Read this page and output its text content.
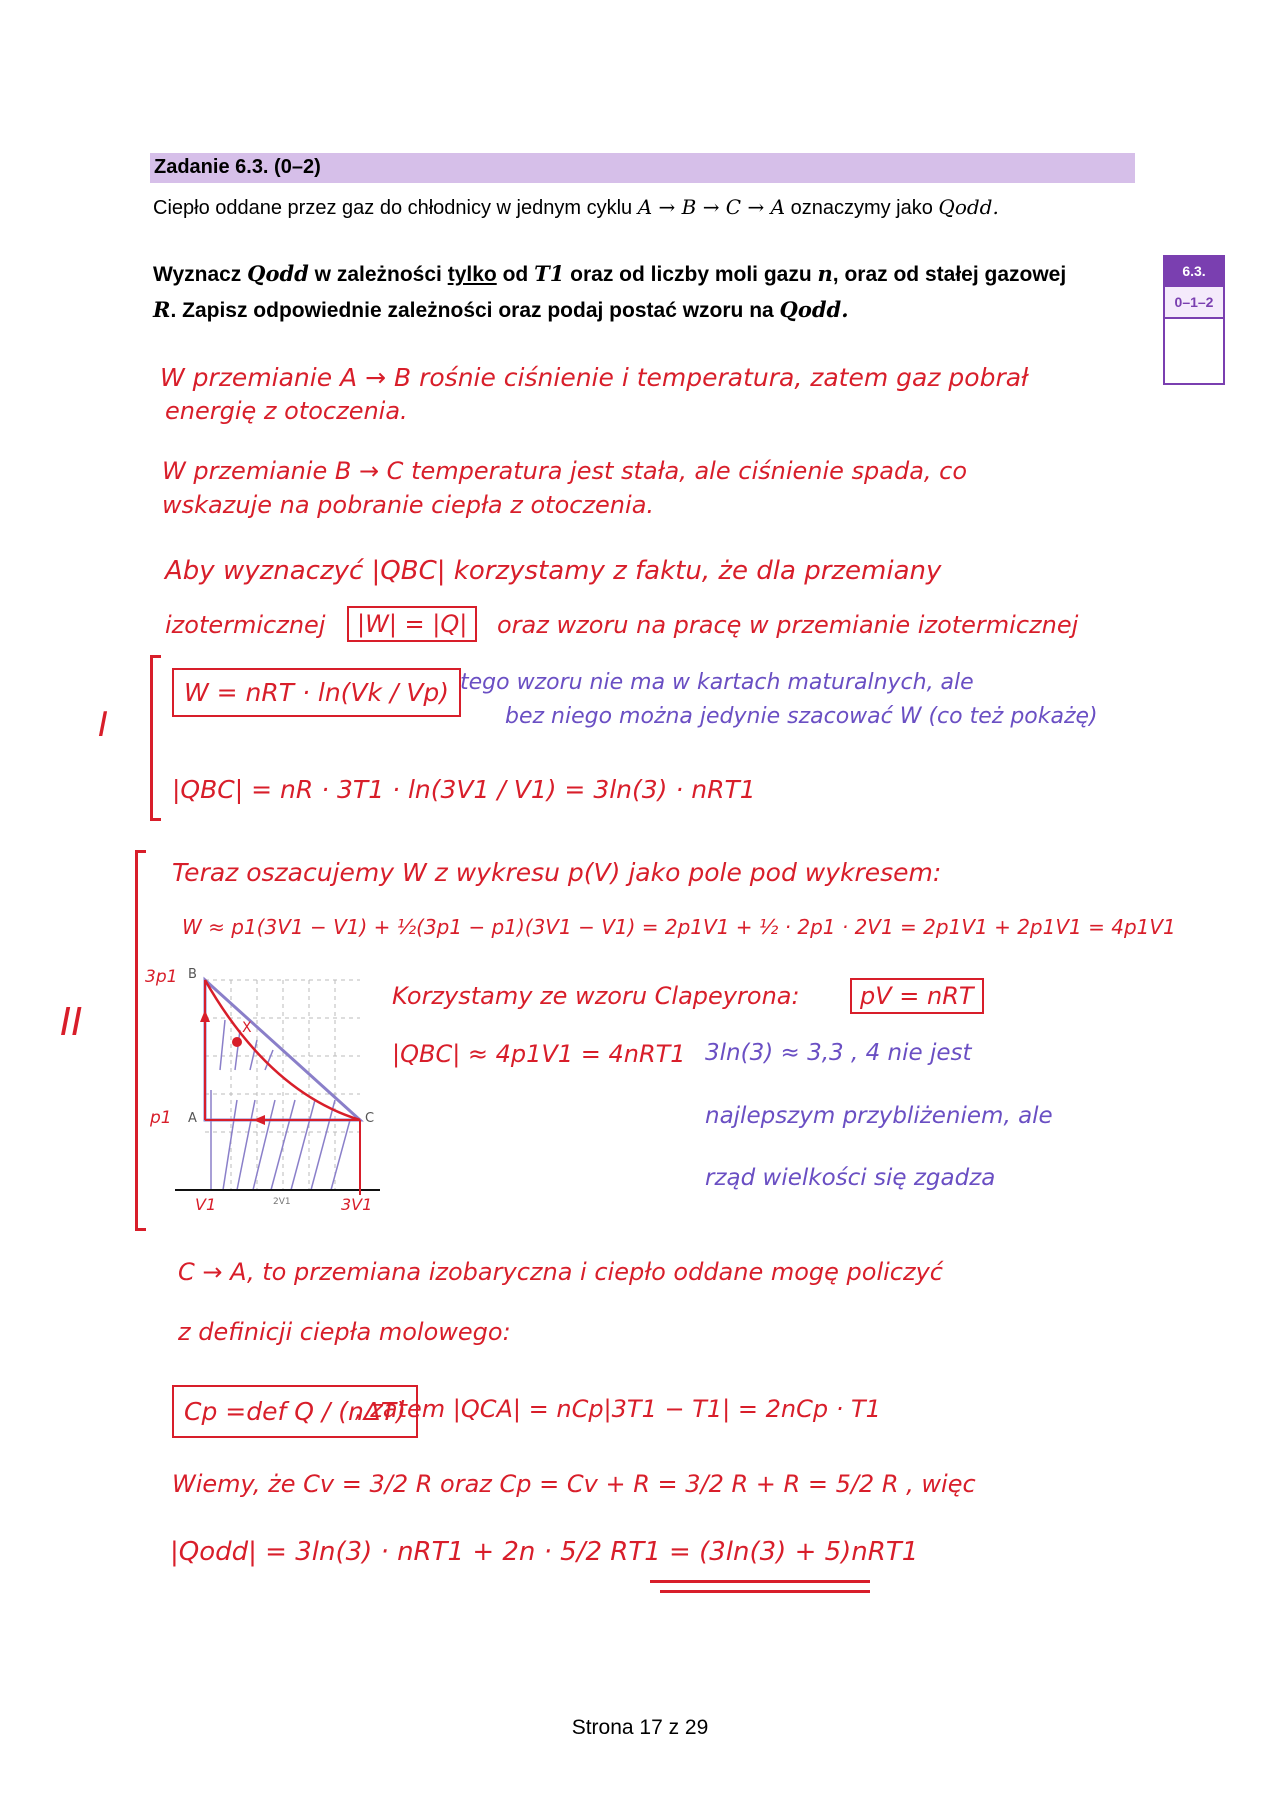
Zadanie 6.3. (0–2)
Ciepło oddane przez gaz do chłodnicy w jednym cyklu A → B → C → A oznaczymy jako Qodd.
Wyznacz Qodd w zależności tylko od T1 oraz od liczby moli gazu n, oraz od stałej gazowej R. Zapisz odpowiednie zależności oraz podaj postać wzoru na Qodd.
6.3.
0–1–2
W przemianie A → B rośnie ciśnienie i temperatura, zatem gaz pobrał
energię z otoczenia.
W przemianie B → C temperatura jest stała, ale ciśnienie spada, co
wskazuje na pobranie ciepła z otoczenia.
Aby wyznaczyć |QBC| korzystamy z faktu, że dla przemiany
izotermicznej	|W| = |Q|	oraz wzoru na pracę w przemianie izotermicznej
I
W = nRT · ln(Vk / Vp) tego wzoru nie ma w kartach maturalnych, ale
bez niego można jedynie szacować W (co też pokażę)
|QBC| = nR · 3T1 · ln(3V1 / V1) = 3ln(3) · nRT1
II
Teraz oszacujemy W z wykresu p(V) jako pole pod wykresem:
W ≈ p1(3V1 − V1) + ½(3p1 − p1)(3V1 − V1) = 2p1V1 + ½ · 2p1 · 2V1 = 2p1V1 + 2p1V1 = 4p1V1
Korzystamy ze wzoru Clapeyrona:	pV = nRT
|QBC| ≈ 4p1V1 = 4nRT1 3ln(3) ≈ 3,3 , 4 nie jest
najlepszym przybliżeniem, ale
rząd wielkości się zgadza
3p1
p1
B
A	C
X
V1	2V1	3V1
C → A, to przemiana izobaryczna i ciepło oddane mogę policzyć
z definicji ciepła molowego:
Cp =def Q / (nΔT)
, zatem |QCA| = nCp|3T1 − T1| = 2nCp · T1
Wiemy, że Cv = 3/2 R oraz Cp = Cv + R = 3/2 R + R = 5/2 R , więc
|Qodd| = 3ln(3) · nRT1 + 2n · 5/2 RT1 = (3ln(3) + 5)nRT1
Strona 17 z 29
